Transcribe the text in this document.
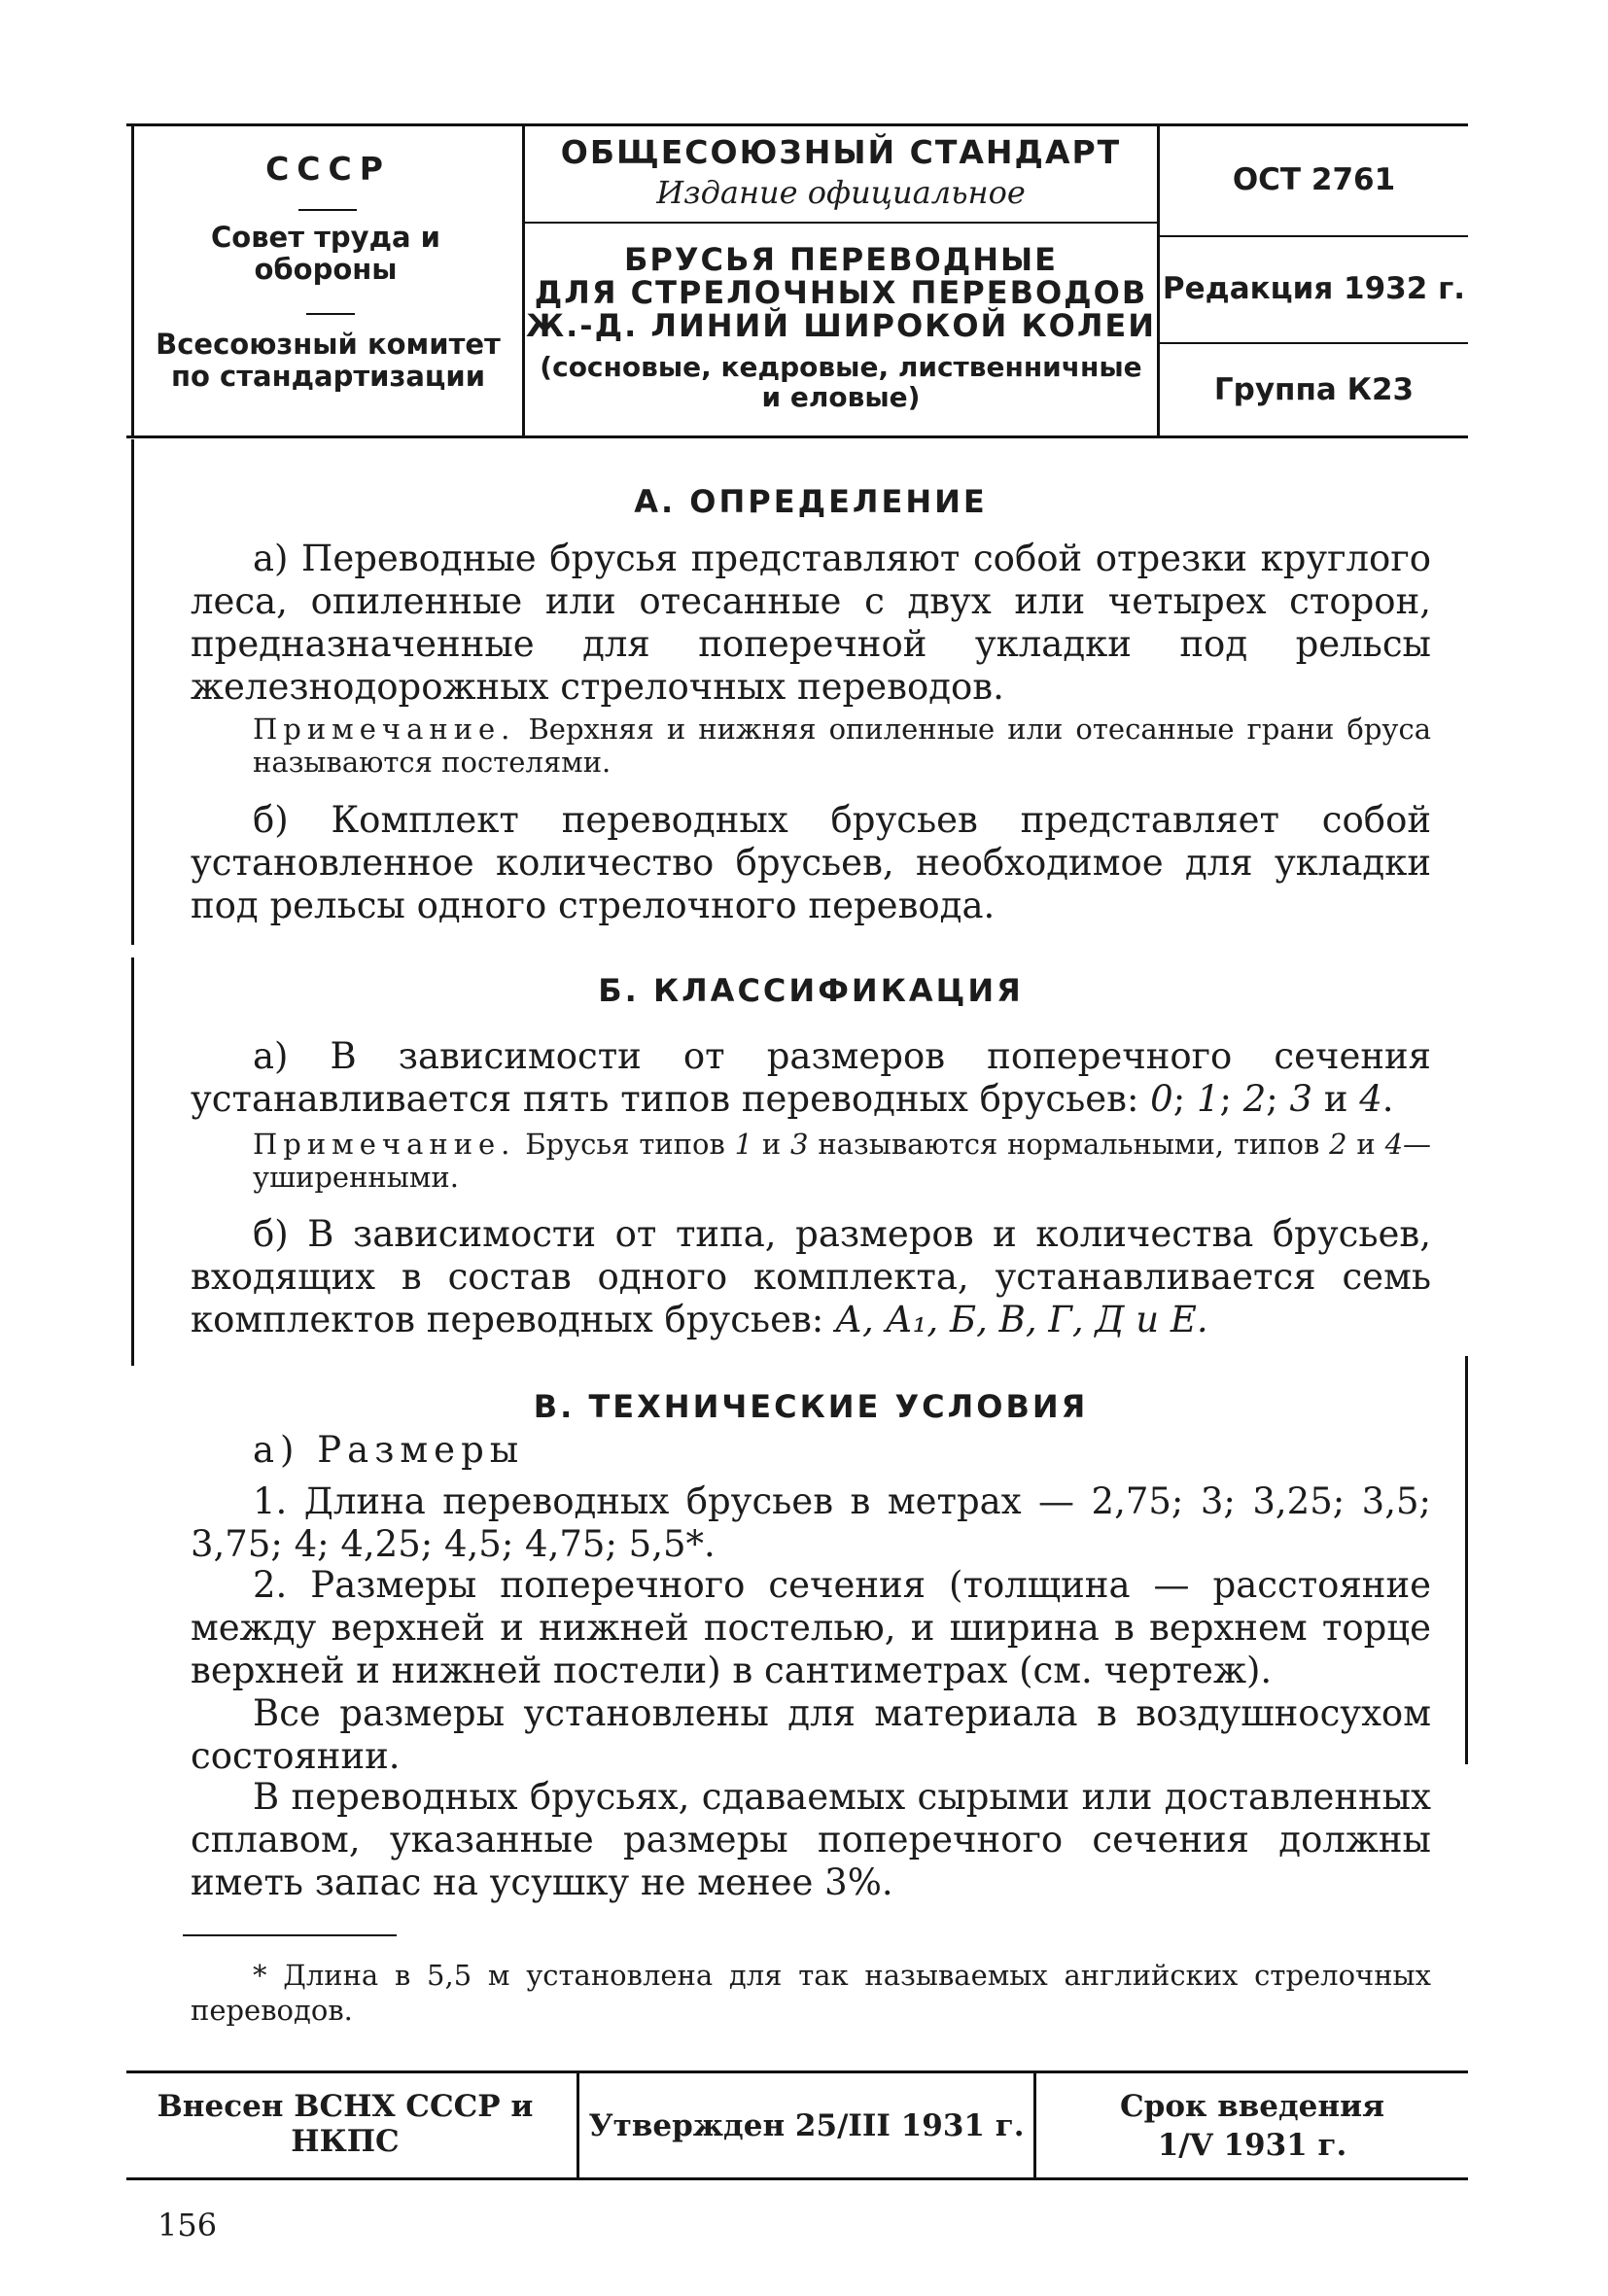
СССР
Совет труда и обороны
Всесоюзный комитет по стандартизации
ОБЩЕСОЮЗНЫЙ СТАНДАРТ
Издание официальное
БРУСЬЯ ПЕРЕВОДНЫЕ
ДЛЯ СТРЕЛОЧНЫХ ПЕРЕВОДОВ
Ж.-Д. ЛИНИЙ ШИРОКОЙ КОЛЕИ
(сосновые, кедровые, лиственничные и еловые)
ОСТ 2761
Редакция 1932 г.
Группа К23
А. ОПРЕДЕЛЕНИЕ
а) Переводные брусья представляют собой отрезки круглого леса, опиленные или отесанные с двух или четырех сторон, предназначенные для поперечной укладки под рельсы железнодорожных стрелочных переводов.
Примечание. Верхняя и нижняя опиленные или отесанные грани бруса называются постелями.
б) Комплект переводных брусьев представляет собой установленное количество брусьев, необходимое для укладки под рельсы одного стрелочного перевода.
Б. КЛАССИФИКАЦИЯ
а) В зависимости от размеров поперечного сечения устанавливается пять типов переводных брусьев: 0; 1; 2; 3 и 4.
Примечание. Брусья типов 1 и 3 называются нормальными, типов 2 и 4—уширенными.
б) В зависимости от типа, размеров и количества брусьев, входящих в состав одного комплекта, устанавливается семь комплектов переводных брусьев: А, А₁, Б, В, Г, Д и Е.
В. ТЕХНИЧЕСКИЕ УСЛОВИЯ
а) Размеры
1. Длина переводных брусьев в метрах — 2,75; 3; 3,25; 3,5; 3,75; 4; 4,25; 4,5; 4,75; 5,5*.
2. Размеры поперечного сечения (толщина — расстояние между верхней и нижней постелью, и ширина в верхнем торце верхней и нижней постели) в сантиметрах (см. чертеж).
Все размеры установлены для материала в воздушносухом состоянии.
В переводных брусьях, сдаваемых сырыми или доставленных сплавом, указанные размеры поперечного сечения должны иметь запас на усушку не менее 3%.
* Длина в 5,5 м установлена для так называемых английских стрелочных переводов.
Внесен ВСНХ СССР и НКПС	Утвержден 25/III 1931 г.
Срок введения
1/V 1931 г.
156
